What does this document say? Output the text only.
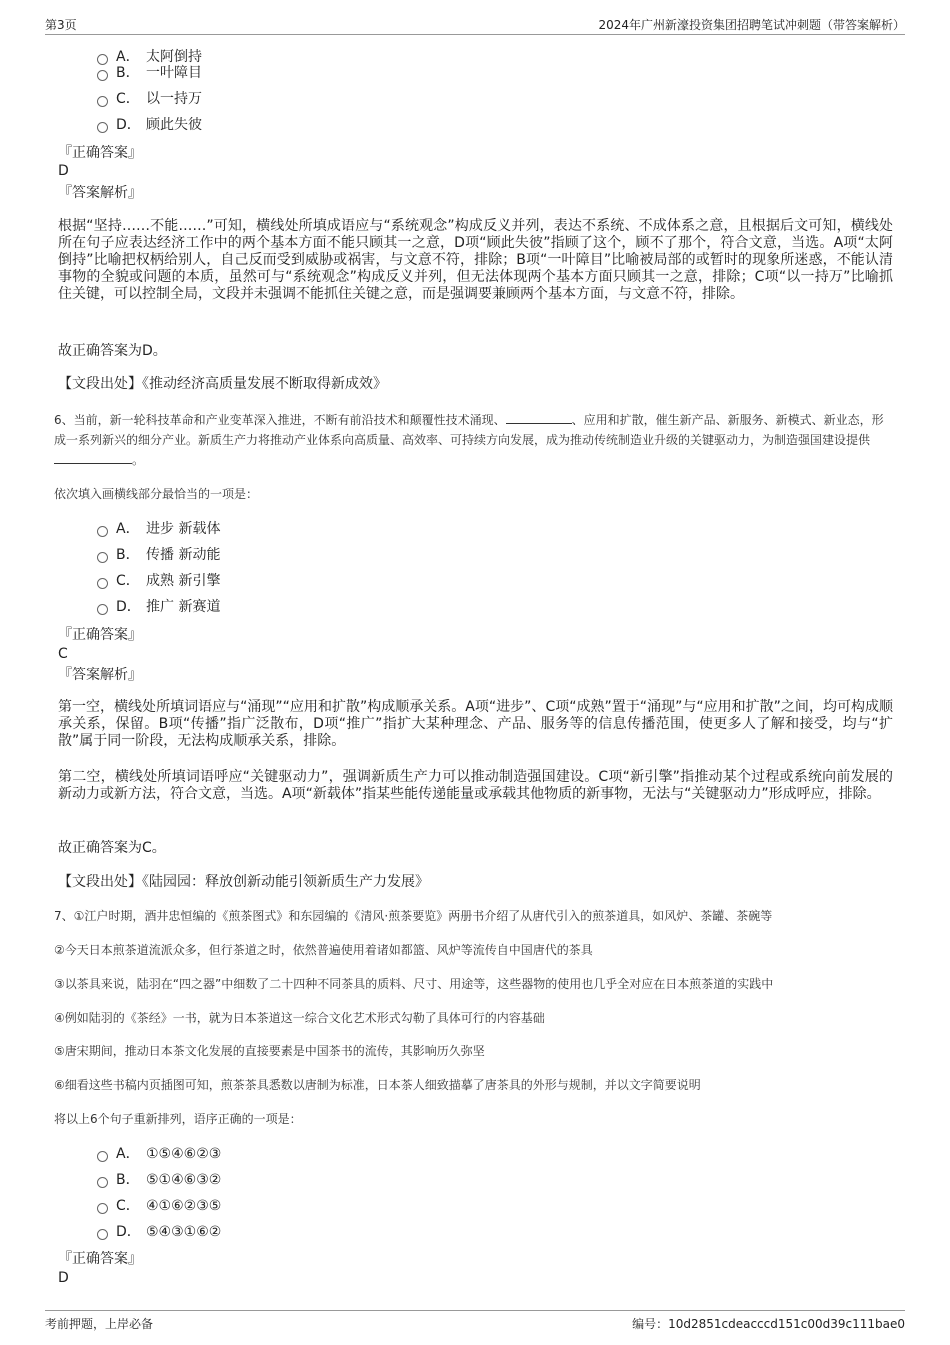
第3页	2024年广州新濠投资集团招聘笔试冲刺题（带答案解析）
A． 太阿倒持
B． 一叶障目
C． 以一持万
D． 顾此失彼
『正确答案』
D
『答案解析』
根据“坚持……不能……”可知，横线处所填成语应与“系统观念”构成反义并列，表达不系统、不成体系之意，且根据后文可知，横线处所在句子应表达经济工作中的两个基本方面不能只顾其一之意，D项“顾此失彼”指顾了这个，顾不了那个，符合文意，当选。A项“太阿倒持”比喻把权柄给别人，自己反而受到威胁或祸害，与文意不符，排除；B项“一叶障目”比喻被局部的或暂时的现象所迷惑，不能认清事物的全貌或问题的本质，虽然可与“系统观念”构成反义并列，但无法体现两个基本方面只顾其一之意，排除；C项“以一持万”比喻抓住关键，可以控制全局，文段并未强调不能抓住关键之意，而是强调要兼顾两个基本方面，与文意不符，排除。
故正确答案为D。
【文段出处】《推动经济高质量发展不断取得新成效》
6、当前，新一轮科技革命和产业变革深入推进，不断有前沿技术和颠覆性技术涌现、	、应用和扩散，催生新产品、新服务、新模式、新业态，形成一系列新兴的细分产业。新质生产力将推动产业体系向高质量、高效率、可持续方向发展，成为推动传统制造业升级的关键驱动力，为制造强国建设提供。
依次填入画横线部分最恰当的一项是：
A． 进步 新载体
B． 传播 新动能
C． 成熟 新引擎
D． 推广 新赛道
『正确答案』
C
『答案解析』
第一空，横线处所填词语应与“涌现”“应用和扩散”构成顺承关系。A项“进步”、C项“成熟”置于“涌现”与“应用和扩散”之间，均可构成顺承关系，保留。B项“传播”指广泛散布，D项“推广”指扩大某种理念、产品、服务等的信息传播范围，使更多人了解和接受，均与“扩散”属于同一阶段，无法构成顺承关系，排除。
第二空，横线处所填词语呼应“关键驱动力”，强调新质生产力可以推动制造强国建设。C项“新引擎”指推动某个过程或系统向前发展的新动力或新方法，符合文意，当选。A项“新载体”指某些能传递能量或承载其他物质的新事物，无法与“关键驱动力”形成呼应，排除。
故正确答案为C。
【文段出处】《陆园园：释放创新动能引领新质生产力发展》
7、①江户时期，酒井忠恒编的《煎茶图式》和东园编的《清风·煎茶要览》两册书介绍了从唐代引入的煎茶道具，如风炉、茶罐、茶碗等
②今天日本煎茶道流派众多，但行茶道之时，依然普遍使用着诸如都篮、风炉等流传自中国唐代的茶具
③以茶具来说，陆羽在“四之器”中细数了二十四种不同茶具的质料、尺寸、用途等，这些器物的使用也几乎全对应在日本煎茶道的实践中
④例如陆羽的《茶经》一书，就为日本茶道这一综合文化艺术形式勾勒了具体可行的内容基础
⑤唐宋期间，推动日本茶文化发展的直接要素是中国茶书的流传，其影响历久弥坚
⑥细看这些书稿内页插图可知，煎茶茶具悉数以唐制为标准，日本茶人细致描摹了唐茶具的外形与规制，并以文字简要说明
将以上6个句子重新排列，语序正确的一项是：
A． ①⑤④⑥②③
B． ⑤①④⑥③②
C． ④①⑥②③⑤
D． ⑤④③①⑥②
『正确答案』
D
考前押题，上岸必备	编号：10d2851cdeacccd151c00d39c111bae0
